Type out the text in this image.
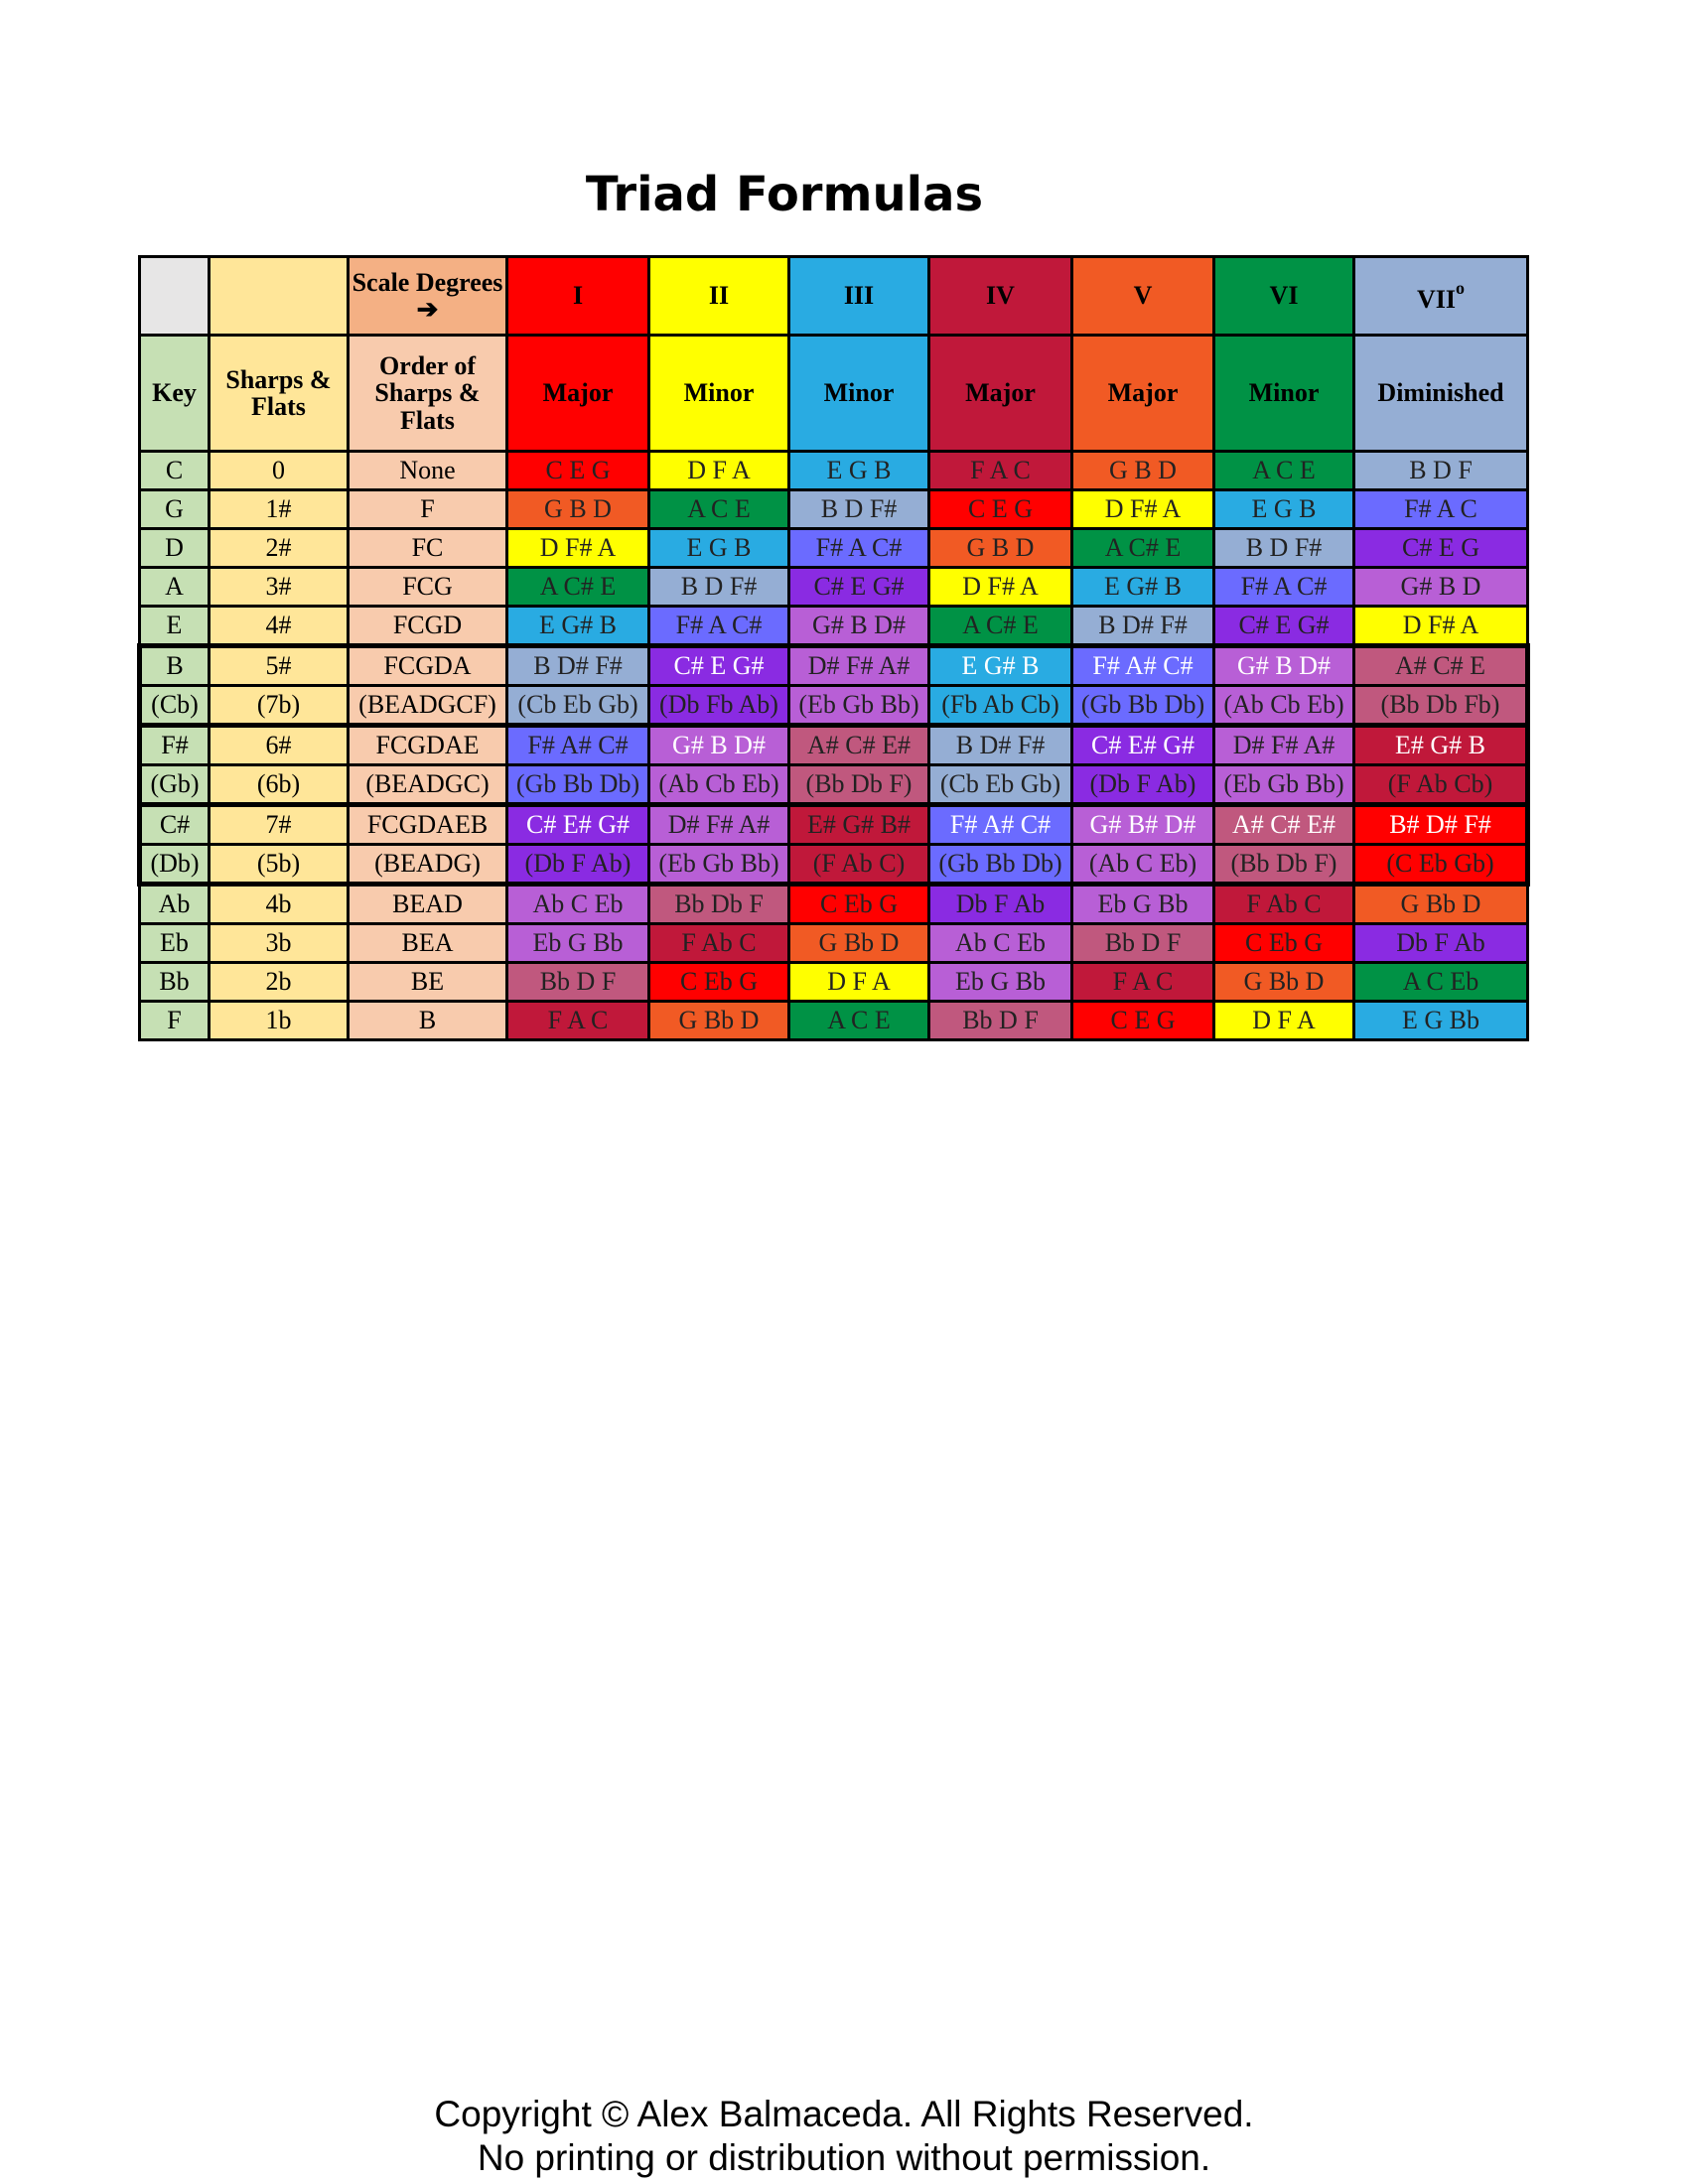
Triad Formulas
		Scale Degrees ➔	I	II	III	IV	V	VI	VII$^o$
Key	Sharps & Flats	Order of Sharps & Flats	Major	Minor	Minor	Major	Major	Minor	Diminished
C	0	None	C E G	D F A	E G B	F A C	G B D	A C E	B D F
G	1#	F	G B D	A C E	B D F#	C E G	D F# A	E G B	F# A C
D	2#	FC	D F# A	E G B	F# A C#	G B D	A C# E	B D F#	C# E G
A	3#	FCG	A C# E	B D F#	C# E G#	D F# A	E G# B	F# A C#	G# B D
E	4#	FCGD	E G# B	F# A C#	G# B D#	A C# E	B D# F#	C# E G#	D F# A
B	5#	FCGDA	B D# F#	C# E G#	D# F# A#	E G# B	F# A# C#	G# B D#	A# C# E
(Cb)	(7b)	(BEADGCF)	(Cb Eb Gb)	(Db Fb Ab)	(Eb Gb Bb)	(Fb Ab Cb)	(Gb Bb Db)	(Ab Cb Eb)	(Bb Db Fb)
F#	6#	FCGDAE	F# A# C#	G# B D#	A# C# E#	B D# F#	C# E# G#	D# F# A#	E# G# B
(Gb)	(6b)	(BEADGC)	(Gb Bb Db)	(Ab Cb Eb)	(Bb Db F)	(Cb Eb Gb)	(Db F Ab)	(Eb Gb Bb)	(F Ab Cb)
C#	7#	FCGDAEB	C# E# G#	D# F# A#	E# G# B#	F# A# C#	G# B# D#	A# C# E#	B# D# F#
(Db)	(5b)	(BEADG)	(Db F Ab)	(Eb Gb Bb)	(F Ab C)	(Gb Bb Db)	(Ab C Eb)	(Bb Db F)	(C Eb Gb)
Ab	4b	BEAD	Ab C Eb	Bb Db F	C Eb G	Db F Ab	Eb G Bb	F Ab C	G Bb D
Eb	3b	BEA	Eb G Bb	F Ab C	G Bb D	Ab C Eb	Bb D F	C Eb G	Db F Ab
Bb	2b	BE	Bb D F	C Eb G	D F A	Eb G Bb	F A C	G Bb D	A C Eb
F	1b	B	F A C	G Bb D	A C E	Bb D F	C E G	D F A	E G Bb
Copyright © Alex Balmaceda. All Rights Reserved.
No printing or distribution without permission.
